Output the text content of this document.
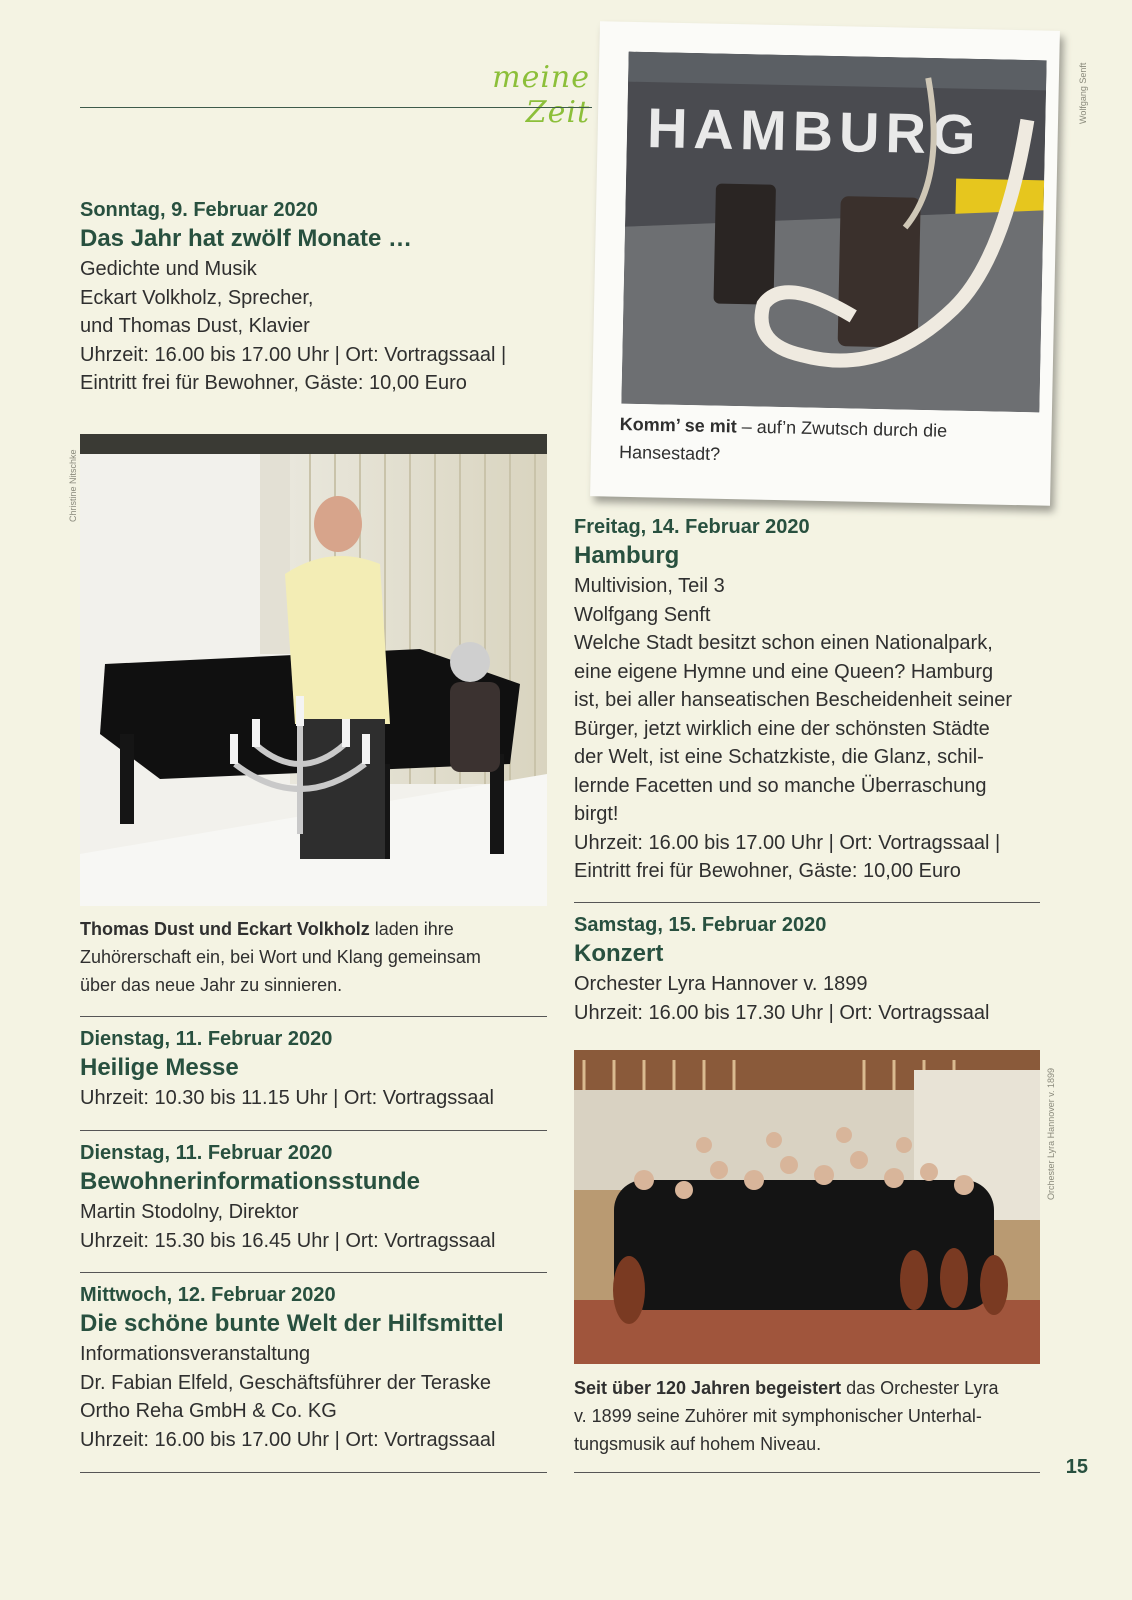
meine Zeit

Sonntag, 9. Februar 2020

Das Jahr hat zwölf Monate …

Gedichte und Musik

Eckart Volkholz, Sprecher,

und Thomas Dust, Klavier

Uhrzeit: 16.00 bis 17.00 Uhr | Ort: Vortragssaal |

Eintritt frei für Bewohner, Gäste: 10,00 Euro

Christine Nitschke

Thomas Dust und Eckart Volkholz laden ihre

Zuhörerschaft ein, bei Wort und Klang gemeinsam

über das neue Jahr zu sinnieren.

Dienstag, 11. Februar 2020

Heilige Messe

Uhrzeit: 10.30 bis 11.15 Uhr | Ort: Vortragssaal

Dienstag, 11. Februar 2020

Bewohnerinformationsstunde

Martin Stodolny, Direktor

Uhrzeit: 15.30 bis 16.45 Uhr | Ort: Vortragssaal

Mittwoch, 12. Februar 2020

Die schöne bunte Welt der Hilfsmittel

Informationsveranstaltung

Dr. Fabian Elfeld, Geschäftsführer der Teraske

Ortho Reha GmbH & Co. KG

Uhrzeit: 16.00 bis 17.00 Uhr | Ort: Vortragssaal

HAMBURG
Wolfgang Senft
Komm’ se mit – auf’n Zwutsch durch die
Hansestadt?

Freitag, 14. Februar 2020

Hamburg

Multivision, Teil 3

Wolfgang Senft

Welche Stadt besitzt schon einen Nationalpark,

eine eigene Hymne und eine Queen? Hamburg

ist, bei aller hanseatischen Bescheidenheit seiner

Bürger, jetzt wirklich eine der schönsten Städte

der Welt, ist eine Schatzkiste, die Glanz, schil-

lernde Facetten und so manche Überraschung

birgt!

Uhrzeit: 16.00 bis 17.00 Uhr | Ort: Vortragssaal |

Eintritt frei für Bewohner, Gäste: 10,00 Euro

Samstag, 15. Februar 2020

Konzert

Orchester Lyra Hannover v. 1899

Uhrzeit: 16.00 bis 17.30 Uhr | Ort: Vortragssaal

Orchester Lyra Hannover v. 1899

Seit über 120 Jahren begeistert das Orchester Lyra

v. 1899 seine Zuhörer mit symphonischer Unterhal-

tungsmusik auf hohem Niveau.

15
